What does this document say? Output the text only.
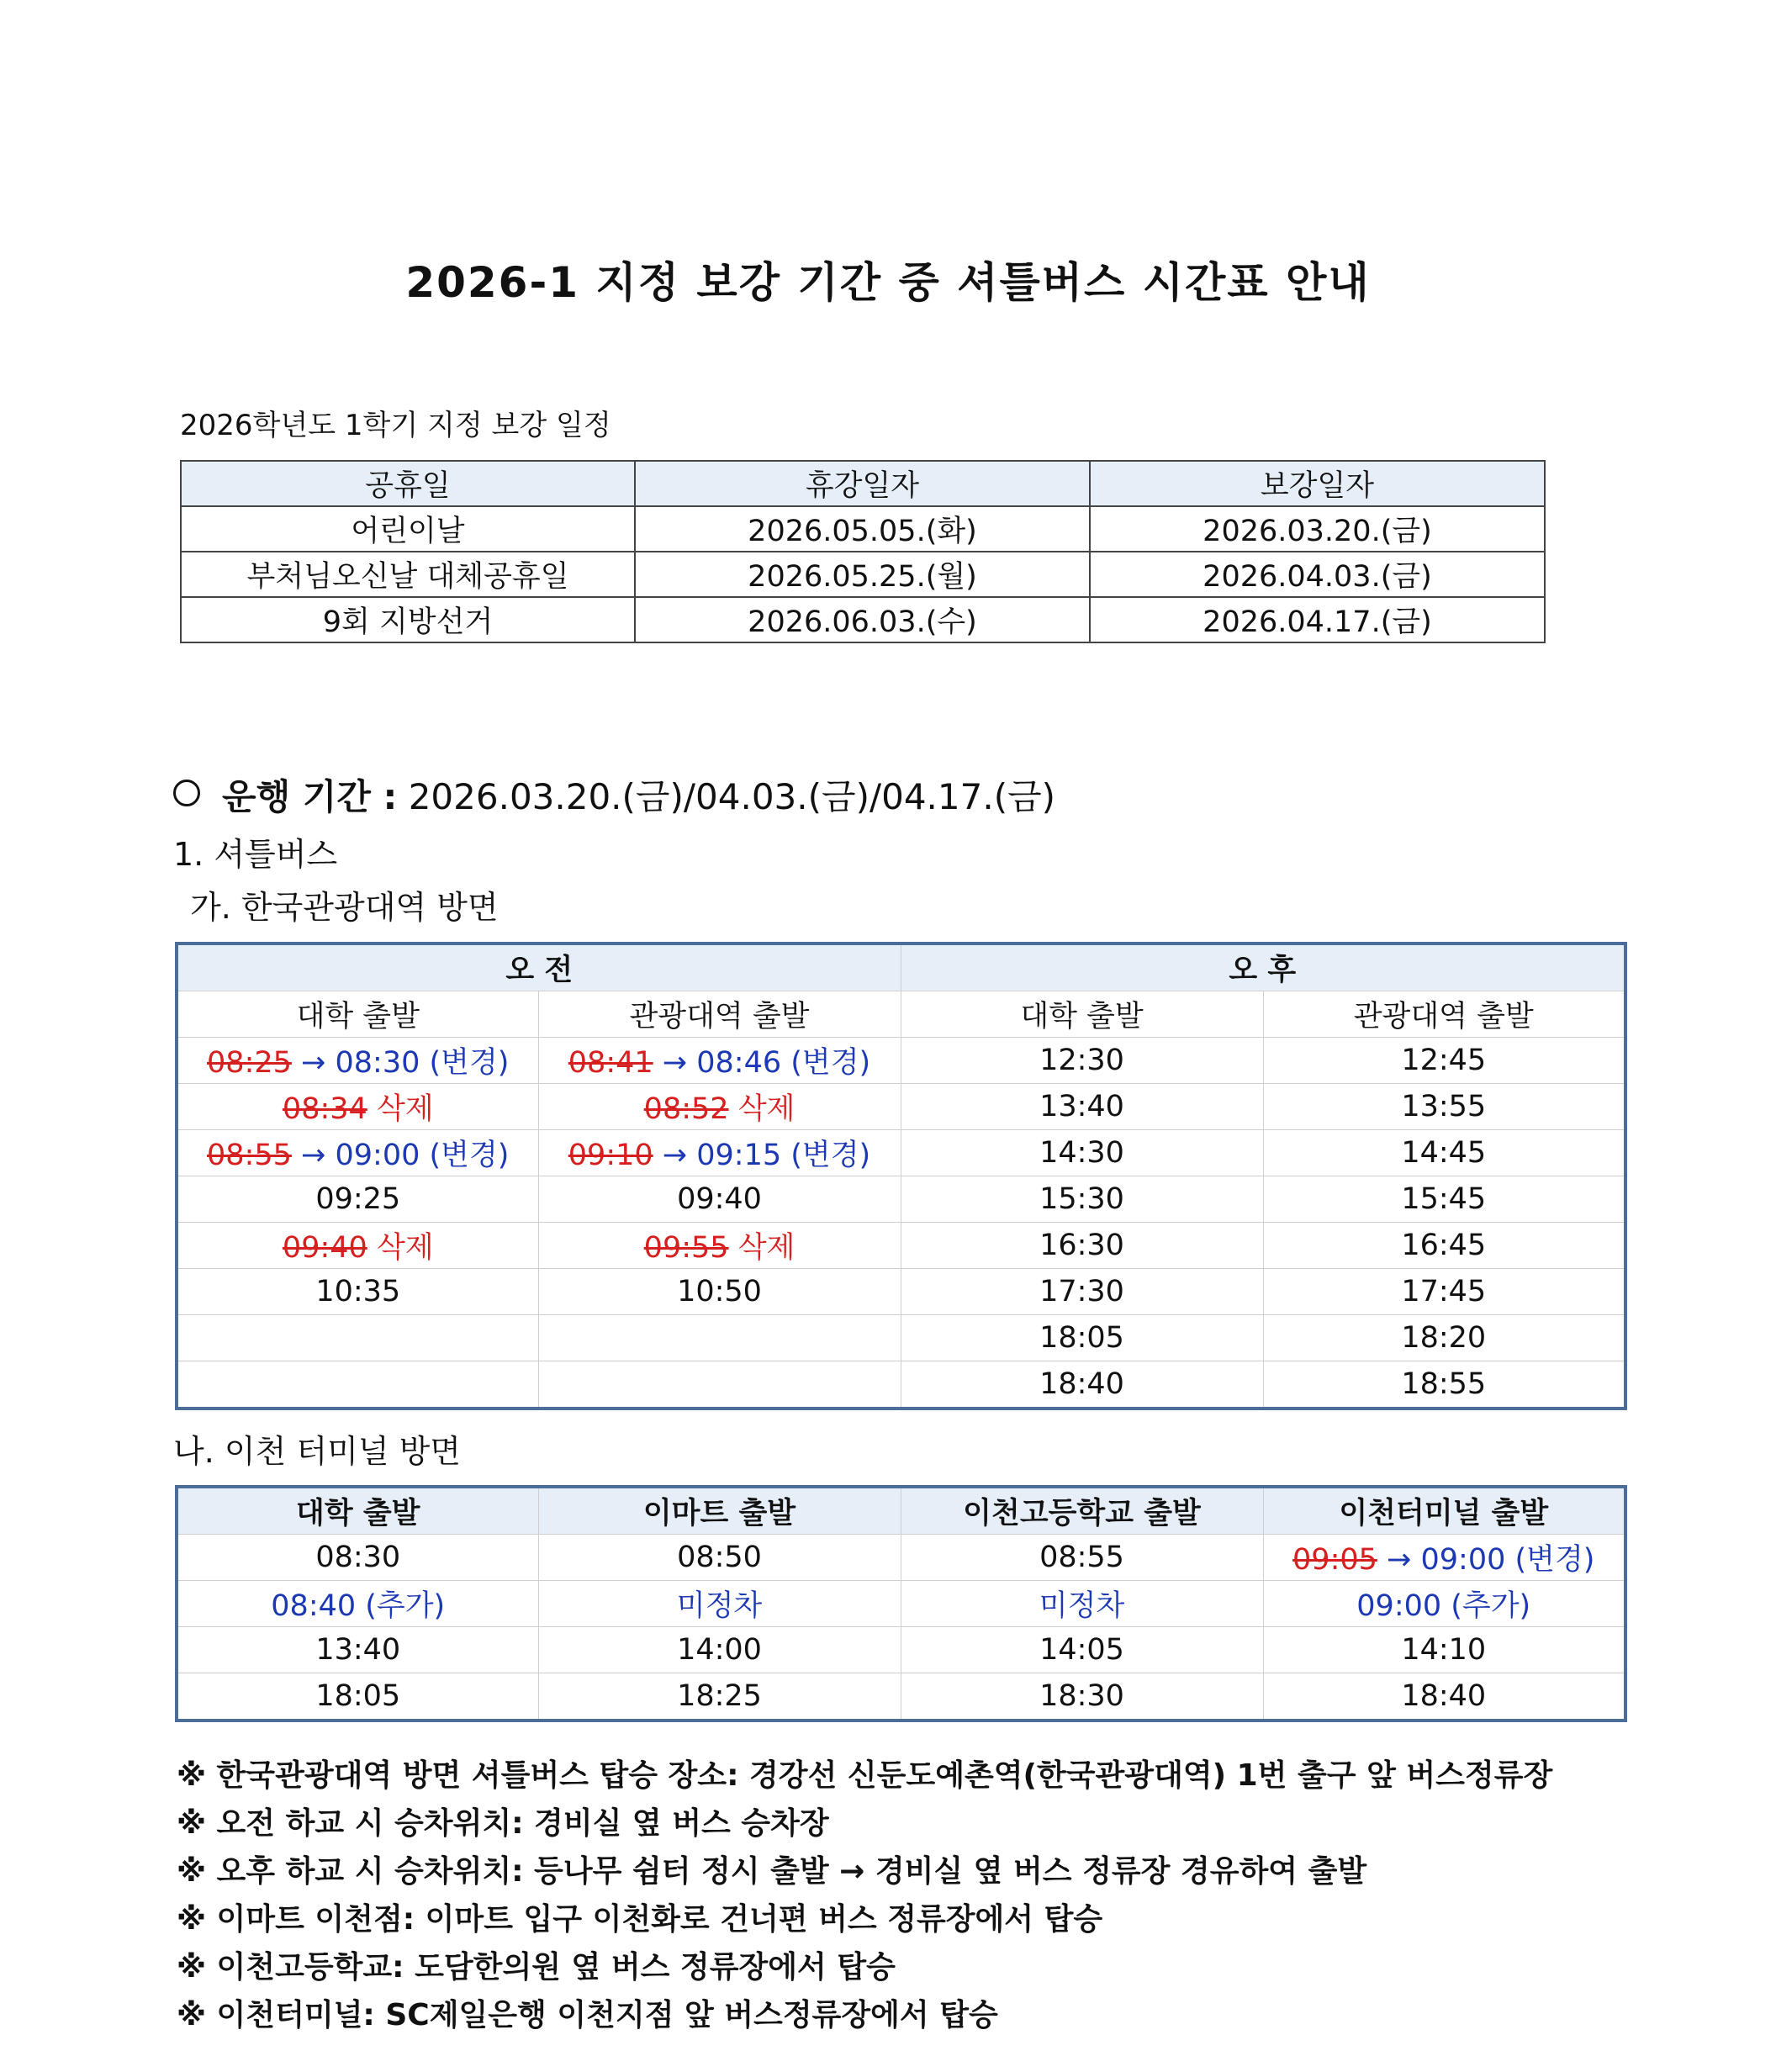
2026-1 지정 보강 기간 중 셔틀버스 시간표 안내
2026학년도 1학기 지정 보강 일정
공휴일	휴강일자	보강일자
어린이날	2026.05.05.(화)	2026.03.20.(금)
부처님오신날 대체공휴일	2026.05.25.(월)	2026.04.03.(금)
9회 지방선거	2026.06.03.(수)	2026.04.17.(금)
운행 기간 : 2026.03.20.(금)/04.03.(금)/04.17.(금)
1. 셔틀버스
가. 한국관광대역 방면
오 전		오 후	
대학 출발	관광대역 출발	대학 출발	관광대역 출발
08:25 → 08:30 (변경)	08:41 → 08:46 (변경)	12:30	12:45
08:34 삭제	08:52 삭제	13:40	13:55
08:55 → 09:00 (변경)	09:10 → 09:15 (변경)	14:30	14:45
09:25	09:40	15:30	15:45
09:40 삭제	09:55 삭제	16:30	16:45
10:35	10:50	17:30	17:45
		18:05	18:20
		18:40	18:55
나. 이천 터미널 방면
대학 출발	이마트 출발	이천고등학교 출발	이천터미널 출발
08:30	08:50	08:55	09:05 → 09:00 (변경)
08:40 (추가)	미정차	미정차	09:00 (추가)
13:40	14:00	14:05	14:10
18:05	18:25	18:30	18:40
※ 한국관광대역 방면 셔틀버스 탑승 장소: 경강선 신둔도예촌역(한국관광대역) 1번 출구 앞 버스정류장
※ 오전 하교 시 승차위치: 경비실 옆 버스 승차장
※ 오후 하교 시 승차위치: 등나무 쉼터 정시 출발 → 경비실 옆 버스 정류장 경유하여 출발
※ 이마트 이천점: 이마트 입구 이천화로 건너편 버스 정류장에서 탑승
※ 이천고등학교: 도담한의원 옆 버스 정류장에서 탑승
※ 이천터미널: SC제일은행 이천지점 앞 버스정류장에서 탑승
